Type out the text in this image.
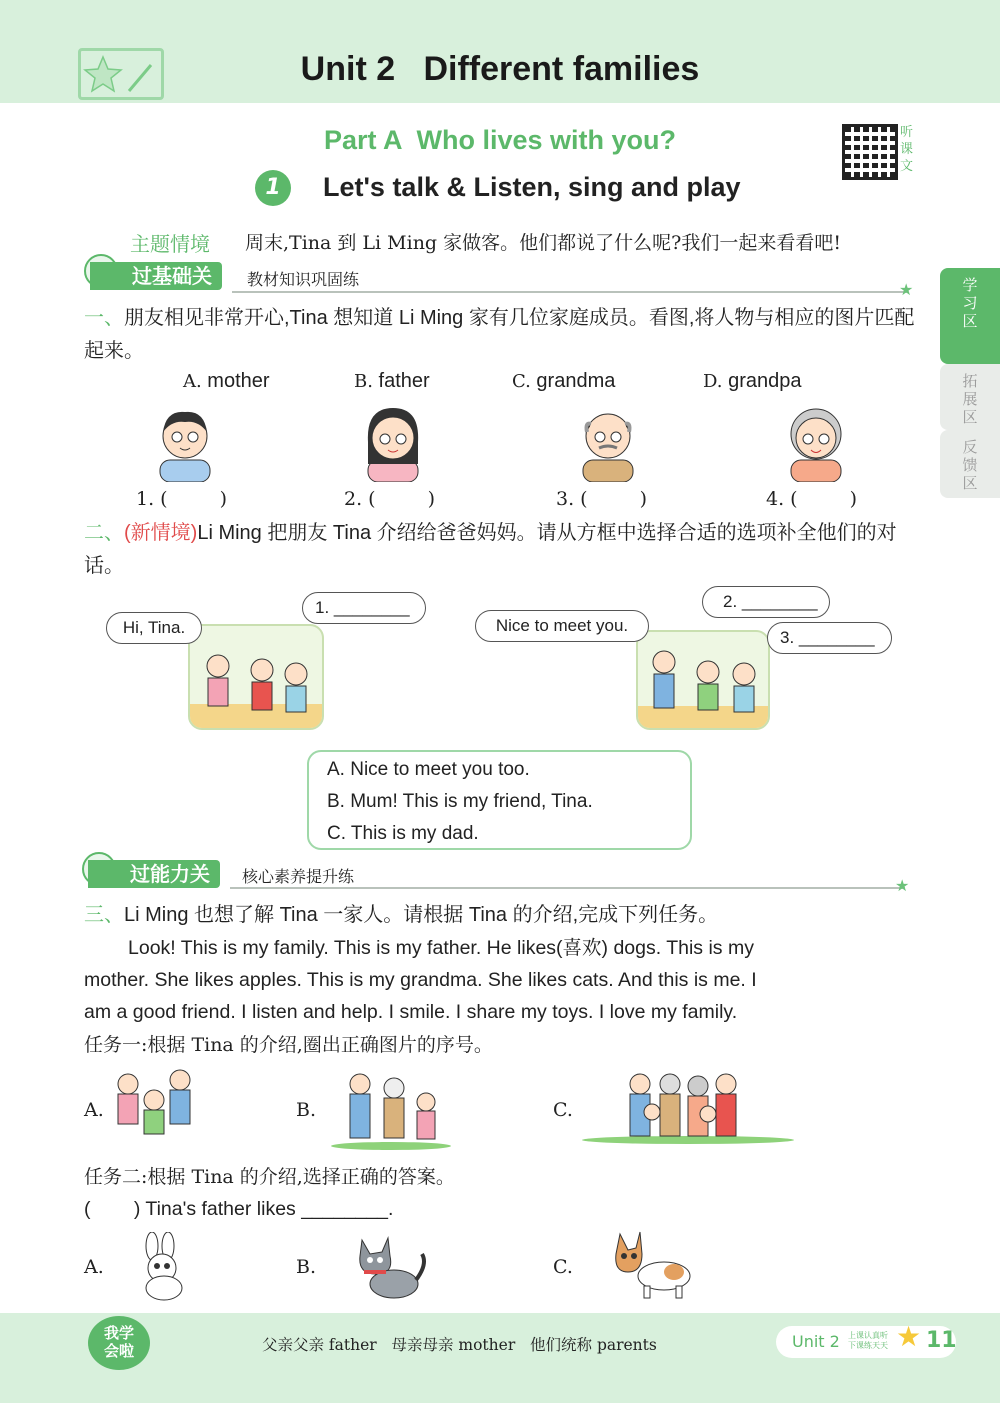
Unit 2   Different families
Part A  Who lives with you?
1	Let's talk & Listen, sing and play
听课文
主题情境 周末,Tina 到 Li Ming 家做客。他们都说了什么呢?我们一起来看看吧!
过基础关	教材知识巩固练
★
一、朋友相见非常开心,Tina 想知道 Li Ming 家有几位家庭成员。看图,将人物与相应的图片匹配起来。
A. mother	B. father	C. grandma	D. grandpa
1. (	)	2. (	)	3. (	)	4. (	)
二、(新情境)Li Ming 把朋友 Tina 介绍给爸爸妈妈。请从方框中选择合适的选项补全他们的对话。
Hi, Tina.
1. ________
Nice to meet you.
2. ________
3. ________
A. Nice to meet you too.
B. Mum! This is my friend, Tina.
C. This is my dad.
过能力关	核心素养提升练	★
三、Li Ming 也想了解 Tina 一家人。请根据 Tina 的介绍,完成下列任务。
Look! This is my family. This is my father. He likes(喜欢) dogs. This is my
mother. She likes apples. This is my grandma. She likes cats. And this is me. I
am a good friend. I listen and help. I smile. I share my toys. I love my family.
任务一:根据 Tina 的介绍,圈出正确图片的序号。
A.	B.	C.
任务二:根据 Tina 的介绍,选择正确的答案。
(        ) Tina's father likes ________.
A.	B.	C.
学习区
拓展区
反馈区
我学会啦	父亲父亲 father   母亲母亲 mother   他们统称 parents	Unit 2 上课认真听 下课练天天 ★ 11
